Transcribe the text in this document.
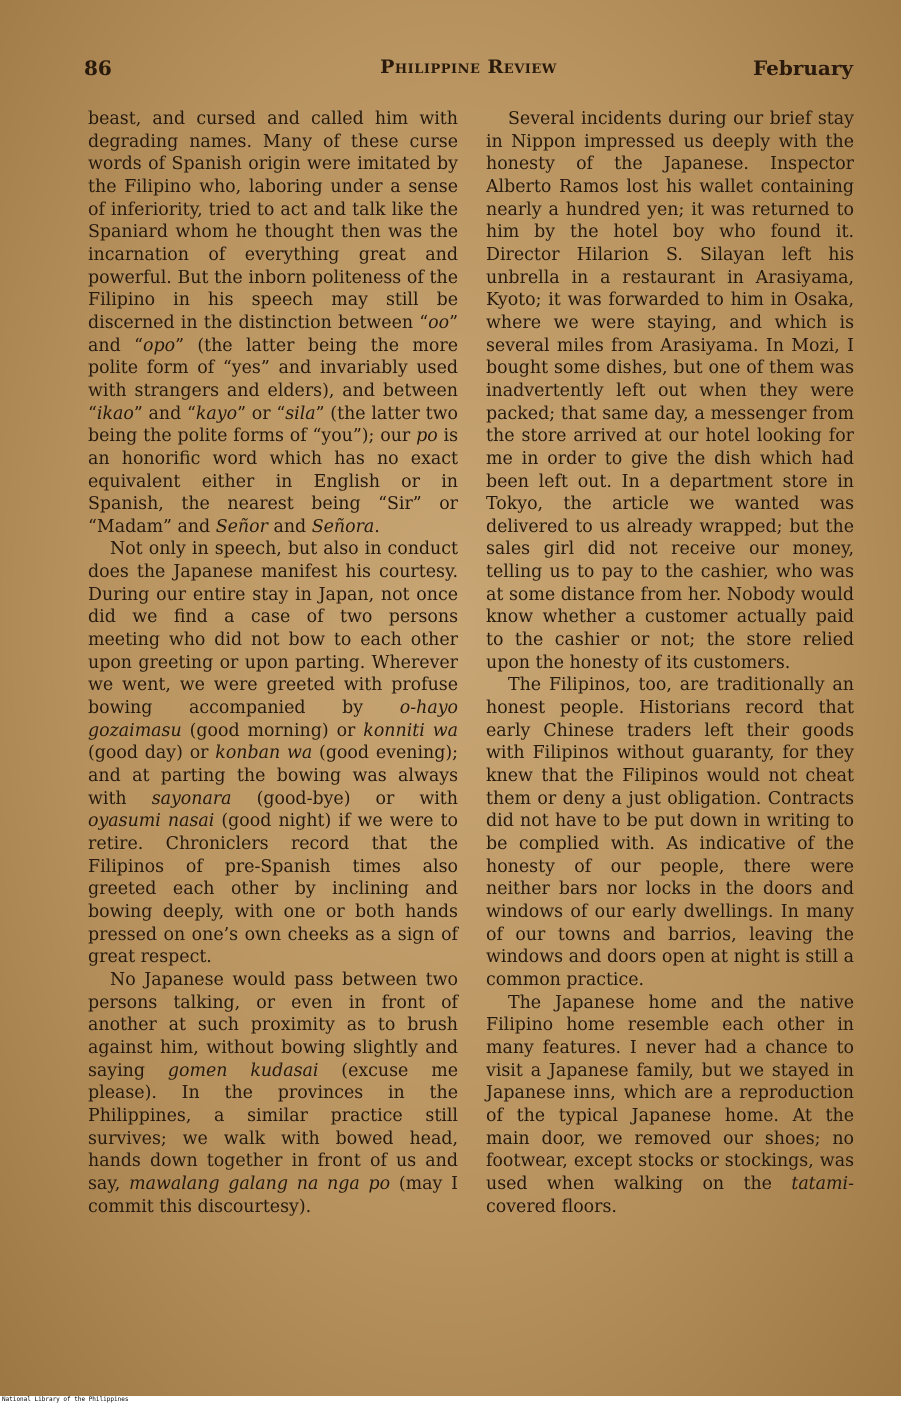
86	Philippine Review	February

beast, and cursed and called him with degrading names. Many of these curse words of Spanish origin were imitated by the Filipino who, laboring under a sense of inferiority, tried to act and talk like the Spaniard whom he thought then was the incarnation of everything great and powerful. But the inborn politeness of the Filipino in his speech may still be discerned in the distinction between “oo” and “opo” (the latter being the more polite form of “yes” and invariably used with strangers and elders), and between “ikao” and “kayo” or “sila” (the latter two being the polite forms of “you”); our po is an honorific word which has no exact equivalent either in English or in Spanish, the nearest being “Sir” or “Madam” and Señor and Señora.

Not only in speech, but also in conduct does the Japanese manifest his courtesy. During our entire stay in Japan, not once did we find a case of two persons meeting who did not bow to each other upon greeting or upon parting. Wherever we went, we were greeted with profuse bowing accompanied by o-hayo gozaimasu (good morning) or konniti wa (good day) or konban wa (good evening); and at parting the bowing was always with sayonara (good-bye) or with oyasumi nasai (good night) if we were to retire. Chroniclers record that the Filipinos of pre-Spanish times also greeted each other by inclining and bowing deeply, with one or both hands pressed on one’s own cheeks as a sign of great respect.

No Japanese would pass between two persons talking, or even in front of another at such proximity as to brush against him, without bowing slightly and saying gomen kudasai (excuse me please). In the provinces in the Philippines, a similar practice still survives; we walk with bowed head, hands down together in front of us and say, mawalang galang na nga po (may I commit this discourtesy).

Several incidents during our brief stay in Nippon impressed us deeply with the honesty of the Japanese. Inspector Alberto Ramos lost his wallet containing nearly a hundred yen; it was returned to him by the hotel boy who found it. Director Hilarion S. Silayan left his unbrella in a restaurant in Arasiyama, Kyoto; it was forwarded to him in Osaka, where we were staying, and which is several miles from Arasiyama. In Mozi, I bought some dishes, but one of them was inadvertently left out when they were packed; that same day, a messenger from the store arrived at our hotel looking for me in order to give the dish which had been left out. In a department store in Tokyo, the article we wanted was delivered to us already wrapped; but the sales girl did not receive our money, telling us to pay to the cashier, who was at some distance from her. Nobody would know whether a customer actually paid to the cashier or not; the store relied upon the honesty of its customers.

The Filipinos, too, are traditionally an honest people. Historians record that early Chinese traders left their goods with Filipinos without guaranty, for they knew that the Filipinos would not cheat them or deny a just obligation. Contracts did not have to be put down in writing to be complied with. As indicative of the honesty of our people, there were neither bars nor locks in the doors and windows of our early dwellings. In many of our towns and barrios, leaving the windows and doors open at night is still a common practice.

The Japanese home and the native Filipino home resemble each other in many features. I never had a chance to visit a Japanese family, but we stayed in Japanese inns, which are a reproduction of the typical Japanese home. At the main door, we removed our shoes; no footwear, except stocks or stockings, was used when walking on the tatami-covered floors.

National Library of the Philippines
